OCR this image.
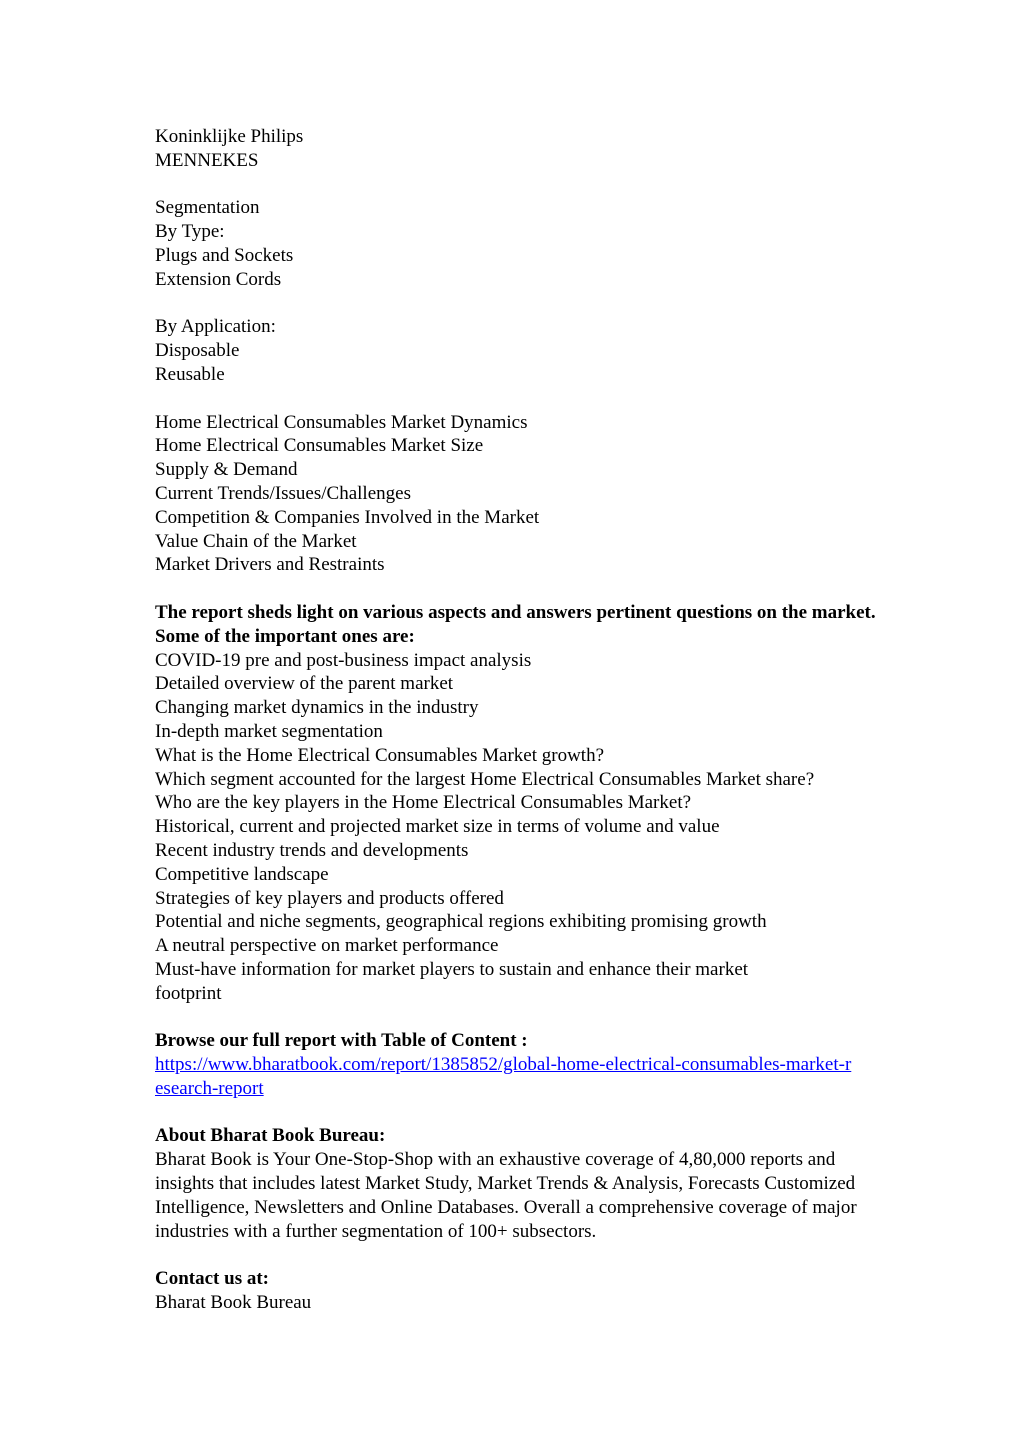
Koninklijke Philips
MENNEKES
Segmentation
By Type:
Plugs and Sockets
Extension Cords
By Application:
Disposable
Reusable
Home Electrical Consumables Market Dynamics
Home Electrical Consumables Market Size
Supply & Demand
Current Trends/Issues/Challenges
Competition & Companies Involved in the Market
Value Chain of the Market
Market Drivers and Restraints
The report sheds light on various aspects and answers pertinent questions on the market. Some of the important ones are:
COVID-19 pre and post-business impact analysis
Detailed overview of the parent market
Changing market dynamics in the industry
In-depth market segmentation
What is the Home Electrical Consumables Market growth?
Which segment accounted for the largest Home Electrical Consumables Market share?
Who are the key players in the Home Electrical Consumables Market?
Historical, current and projected market size in terms of volume and value
Recent industry trends and developments
Competitive landscape
Strategies of key players and products offered
Potential and niche segments, geographical regions exhibiting promising growth
A neutral perspective on market performance
Must-have information for market players to sustain and enhance their market footprint
Browse our full report with Table of Content :
https://www.bharatbook.com/report/1385852/global-home-electrical-consumables-market-research-report
About Bharat Book Bureau:
Bharat Book is Your One-Stop-Shop with an exhaustive coverage of 4,80,000 reports and insights that includes latest Market Study, Market Trends & Analysis, Forecasts Customized Intelligence, Newsletters and Online Databases. Overall a comprehensive coverage of major industries with a further segmentation of 100+ subsectors.
Contact us at:
Bharat Book Bureau
